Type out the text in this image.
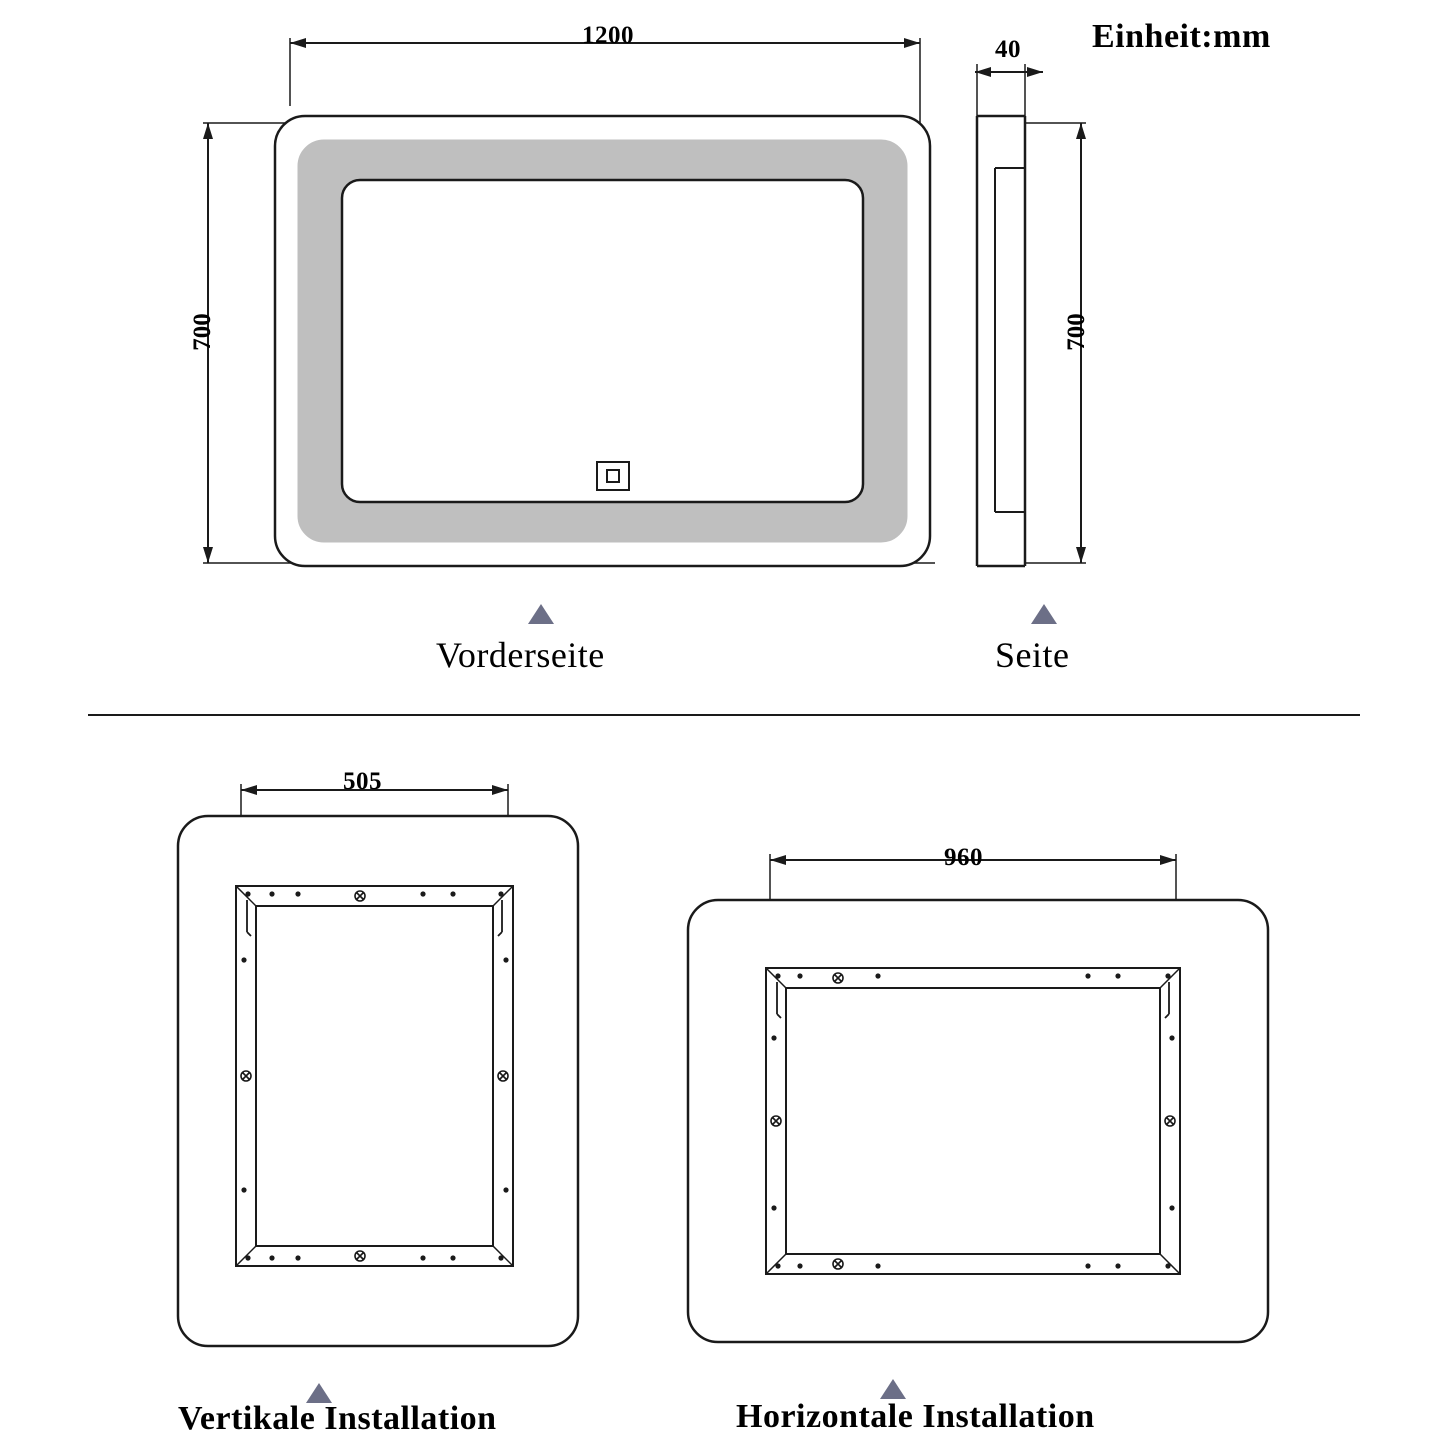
Einheit:mm
1200
700
40
700
Vorderseite	Seite
505
960
Vertikale Installation	Horizontale Installation
